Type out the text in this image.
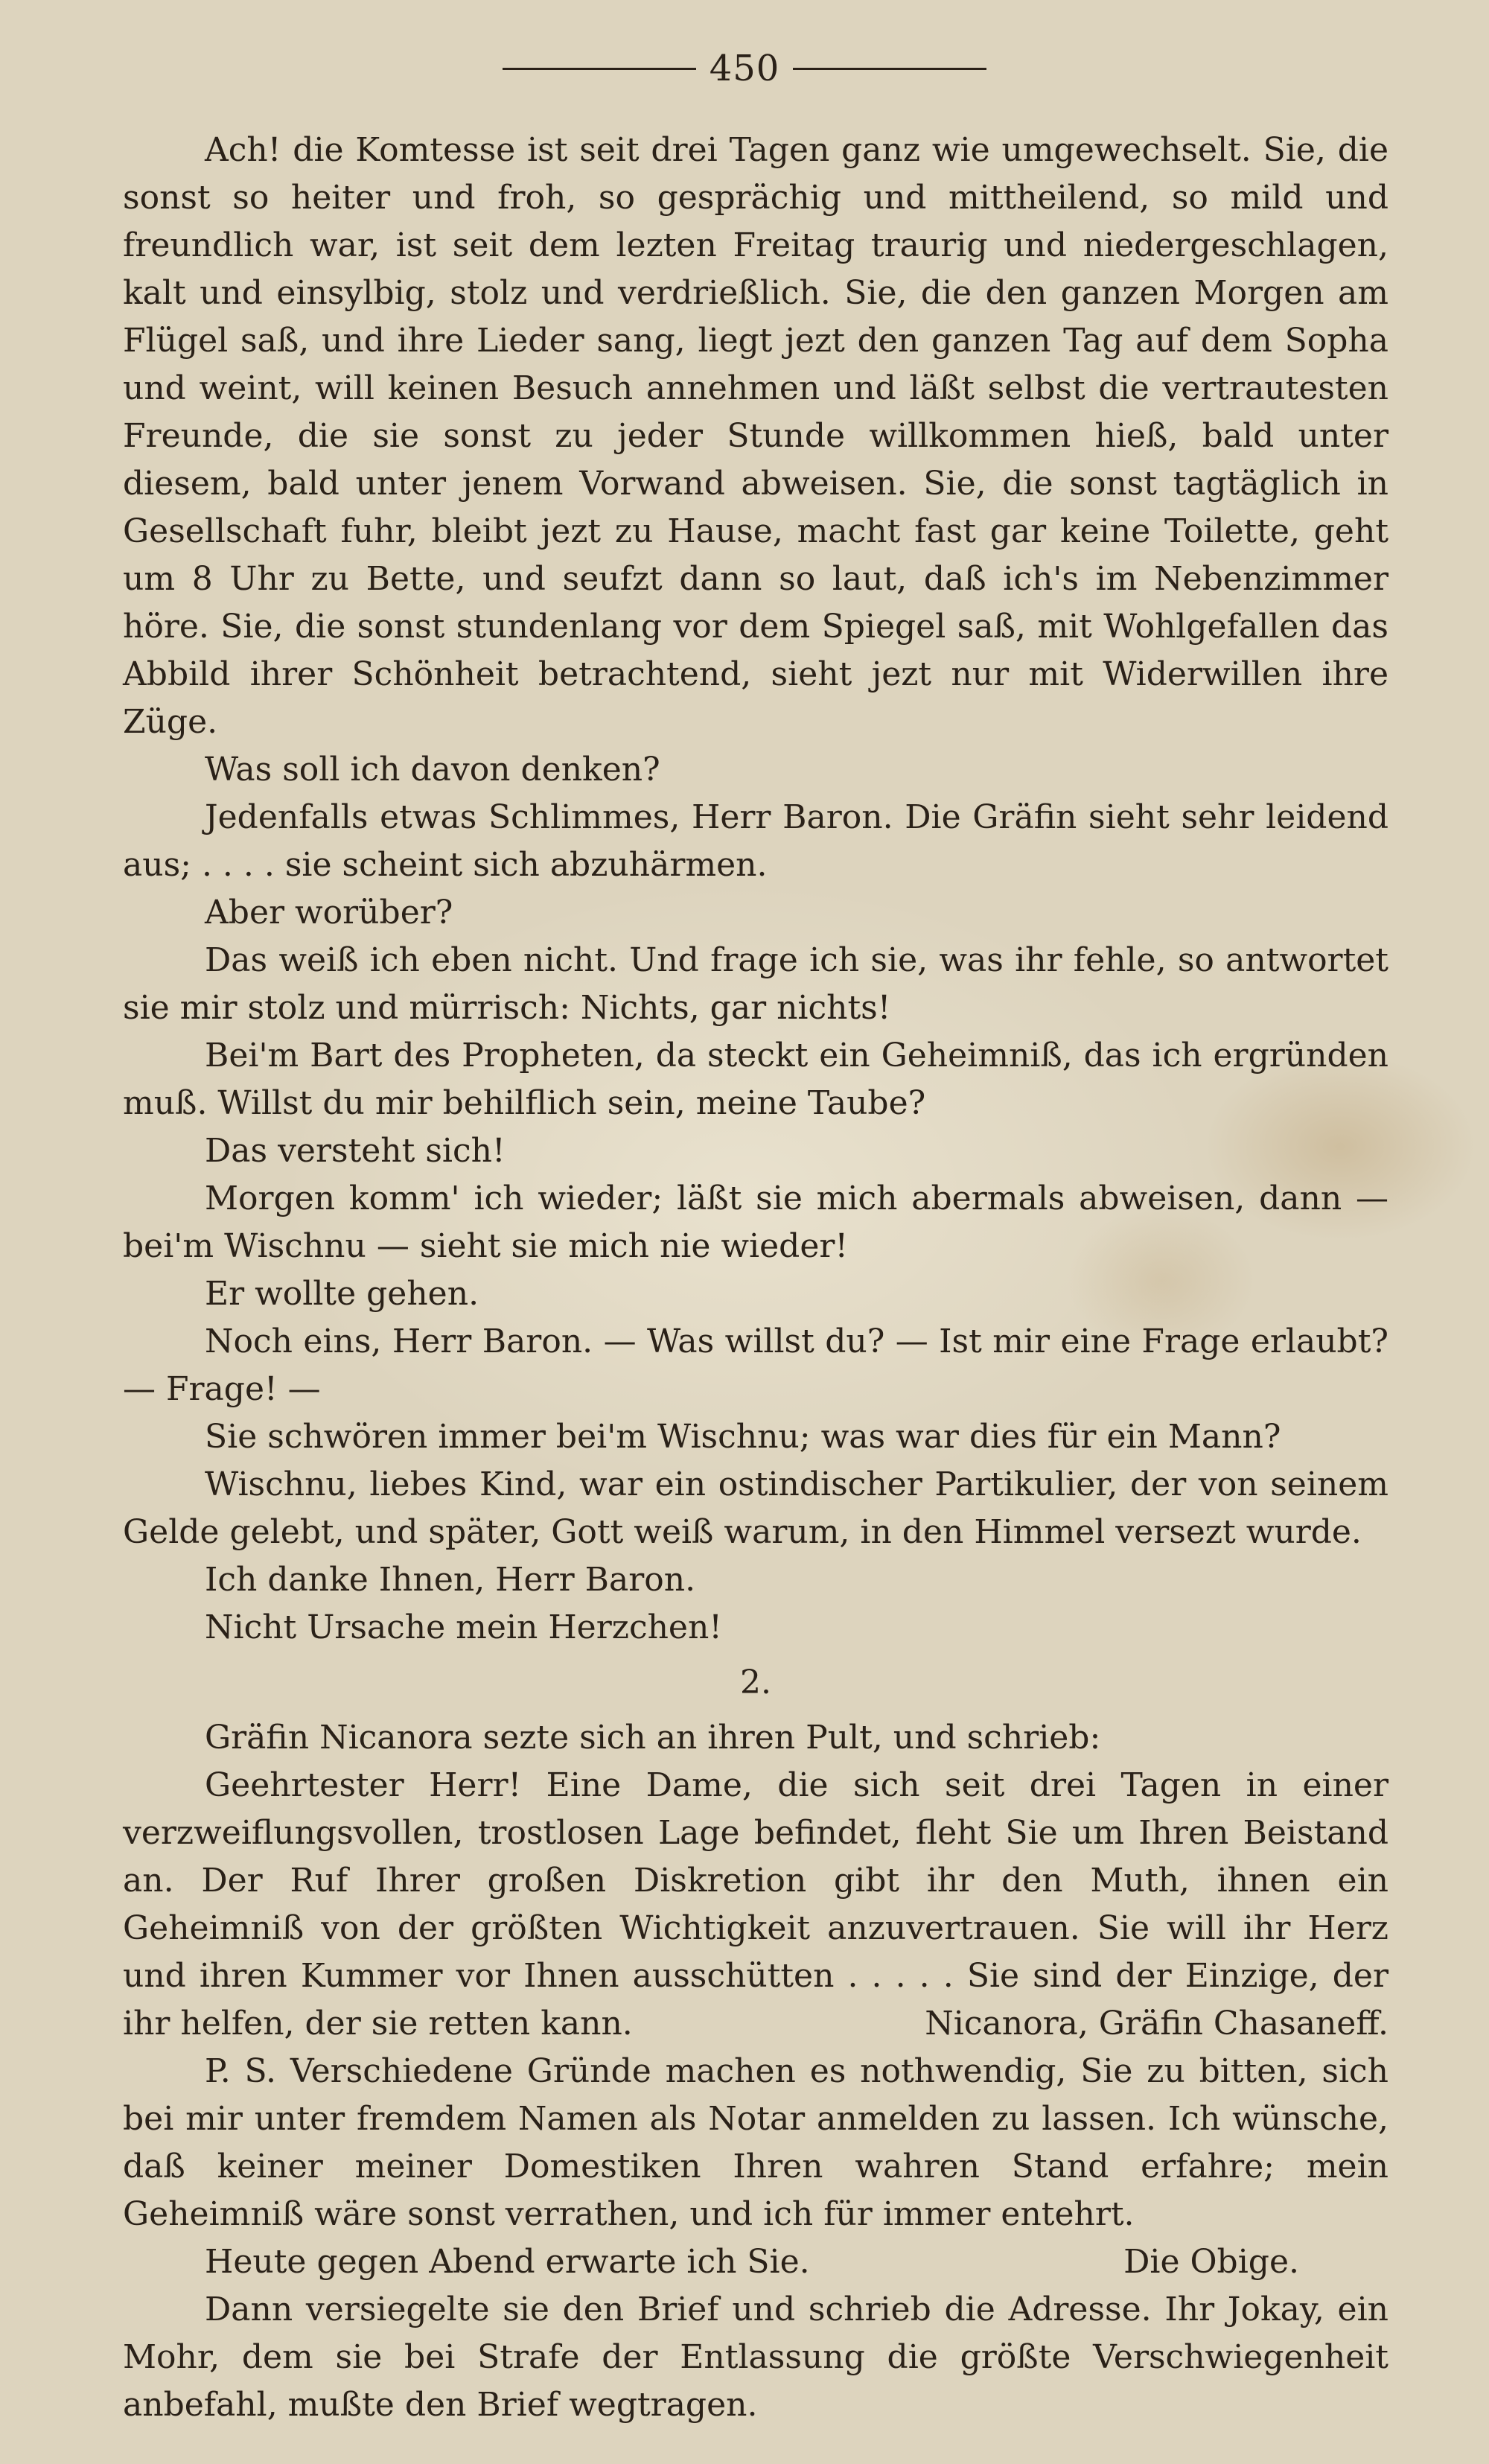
450

Ach! die Komtesse ist seit drei Tagen ganz wie umgewechselt. Sie, die sonst so heiter und froh, so gesprächig und mittheilend, so mild und freundlich war, ist seit dem lezten Freitag traurig und niedergeschlagen, kalt und einsylbig, stolz und verdrießlich. Sie, die den ganzen Morgen am Flügel saß, und ihre Lieder sang, liegt jezt den ganzen Tag auf dem Sopha und weint, will keinen Besuch annehmen und läßt selbst die vertrautesten Freunde, die sie sonst zu jeder Stunde willkommen hieß, bald unter diesem, bald unter jenem Vorwand abweisen. Sie, die sonst tagtäglich in Gesellschaft fuhr, bleibt jezt zu Hause, macht fast gar keine Toilette, geht um 8 Uhr zu Bette, und seufzt dann so laut, daß ich's im Nebenzimmer höre. Sie, die sonst stundenlang vor dem Spiegel saß, mit Wohlgefallen das Abbild ihrer Schönheit betrachtend, sieht jezt nur mit Widerwillen ihre Züge.

Was soll ich davon denken?

Jedenfalls etwas Schlimmes, Herr Baron. Die Gräfin sieht sehr leidend aus; . . . . sie scheint sich abzuhärmen.

Aber worüber?

Das weiß ich eben nicht. Und frage ich sie, was ihr fehle, so antwortet sie mir stolz und mürrisch: Nichts, gar nichts!

Bei'm Bart des Propheten, da steckt ein Geheimniß, das ich ergründen muß. Willst du mir behilflich sein, meine Taube?

Das versteht sich!

Morgen komm' ich wieder; läßt sie mich abermals abweisen, dann — bei'm Wischnu — sieht sie mich nie wieder!

Er wollte gehen.

Noch eins, Herr Baron. — Was willst du? — Ist mir eine Frage erlaubt? — Frage! —

Sie schwören immer bei'm Wischnu; was war dies für ein Mann?

Wischnu, liebes Kind, war ein ostindischer Partikulier, der von seinem Gelde gelebt, und später, Gott weiß warum, in den Himmel versezt wurde.

Ich danke Ihnen, Herr Baron.

Nicht Ursache mein Herzchen!

2.

Gräfin Nicanora sezte sich an ihren Pult, und schrieb:

Geehrtester Herr! Eine Dame, die sich seit drei Tagen in einer verzweiflungsvollen, trostlosen Lage befindet, fleht Sie um Ihren Beistand an. Der Ruf Ihrer großen Diskretion gibt ihr den Muth, ihnen ein Geheimniß von der größten Wichtigkeit anzuvertrauen. Sie will ihr Herz und ihren Kummer vor Ihnen ausschütten . . . . . Sie sind der Einzige, der ihr helfen, der sie retten kann.	Nicanora, Gräfin Chasaneff.

P. S. Verschiedene Gründe machen es nothwendig, Sie zu bitten, sich bei mir unter fremdem Namen als Notar anmelden zu lassen. Ich wünsche, daß keiner meiner Domestiken Ihren wahren Stand erfahre; mein Geheimniß wäre sonst verrathen, und ich für immer entehrt.

Heute gegen Abend erwarte ich Sie.	Die Obige.

Dann versiegelte sie den Brief und schrieb die Adresse. Ihr Jokay, ein Mohr, dem sie bei Strafe der Entlassung die größte Verschwiegenheit anbefahl, mußte den Brief wegtragen.
